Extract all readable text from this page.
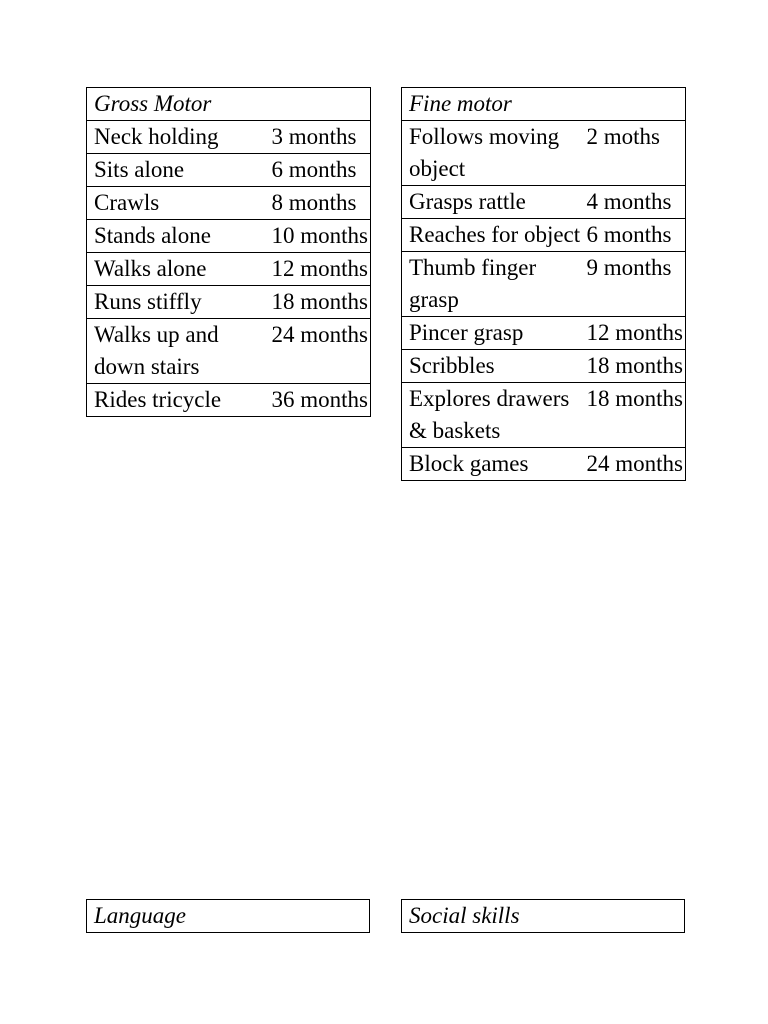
Gross Motor	
Neck holding	3 months
Sits alone	6 months
Crawls	8 months
Stands alone	10 months
Walks alone	12 months
Runs stiffly	18 months
Walks up and down stairs	24 months
Rides tricycle	36 months
Fine motor	
Follows moving object	2 moths
Grasps rattle	4 months
Reaches for object	6 months
Thumb finger grasp	9 months
Pincer grasp	12 months
Scribbles	18 months
Explores drawers & baskets	18 months
Block games	24 months
Language	Social skills
